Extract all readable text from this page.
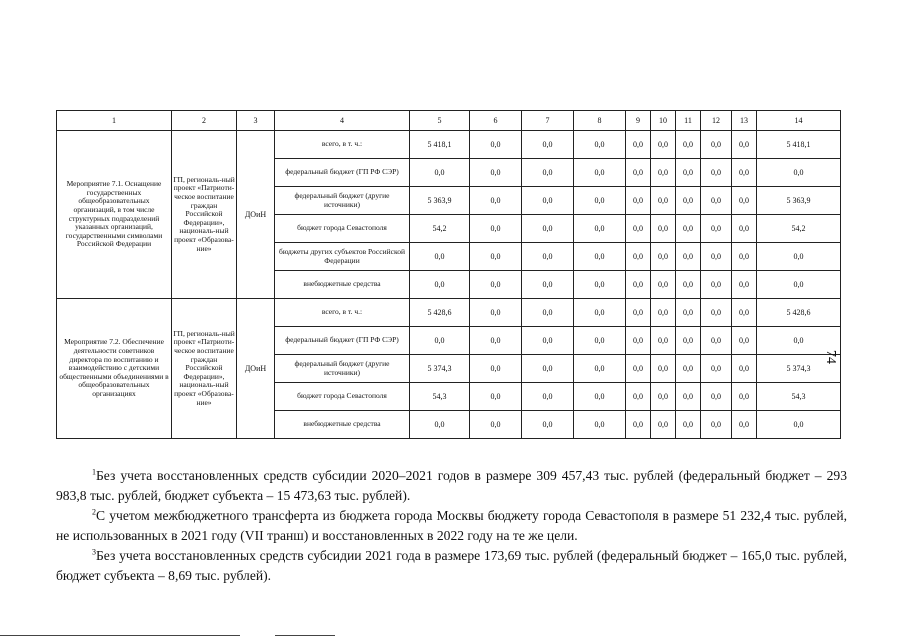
1	2	3	4	5	6	7	8	9	10	11	12	13	14
Мероприятие 7.1. Оснащение государственных общеобразовательных организаций, в том числе структурных подразделений указанных организаций, государственными символами Российской Федерации	ГП, региональ-ный проект «Патриоти-ческое воспитание граждан Российской Федерации», националь-ный проект «Образова-ние»	ДОиН	всего, в т. ч.:	5 418,1	0,0	0,0	0,0	0,0	0,0	0,0	0,0	0,0	5 418,1
			федеральный бюджет (ГП РФ СЭР)	0,0	0,0	0,0	0,0	0,0	0,0	0,0	0,0	0,0	0,0
			федеральный бюджет (другие источники)	5 363,9	0,0	0,0	0,0	0,0	0,0	0,0	0,0	0,0	5 363,9
			бюджет города Севастополя	54,2	0,0	0,0	0,0	0,0	0,0	0,0	0,0	0,0	54,2
			бюджеты других субъектов Российской Федерации	0,0	0,0	0,0	0,0	0,0	0,0	0,0	0,0	0,0	0,0
			внебюджетные средства	0,0	0,0	0,0	0,0	0,0	0,0	0,0	0,0	0,0	0,0
Мероприятие 7.2. Обеспечение деятельности советников директора по воспитанию и взаимодействию с детскими общественными объединениями в общеобразовательных организациях	ГП, региональ-ный проект «Патриоти-ческое воспитание граждан Российской Федерации», националь-ный проект «Образова-ние»	ДОиН	всего, в т. ч.:	5 428,6	0,0	0,0	0,0	0,0	0,0	0,0	0,0	0,0	5 428,6
			федеральный бюджет (ГП РФ СЭР)	0,0	0,0	0,0	0,0	0,0	0,0	0,0	0,0	0,0	0,0
			федеральный бюджет (другие источники)	5 374,3	0,0	0,0	0,0	0,0	0,0	0,0	0,0	0,0	5 374,3
			бюджет города Севастополя	54,3	0,0	0,0	0,0	0,0	0,0	0,0	0,0	0,0	54,3
			внебюджетные средства	0,0	0,0	0,0	0,0	0,0	0,0	0,0	0,0	0,0	0,0
$^1$Без учета восстановленных средств субсидии 2020–2021 годов в размере 309 457,43 тыс. рублей (федеральный бюджет – 293 983,8 тыс. рублей, бюджет субъекта – 15 473,63 тыс. рублей).
$^2$С учетом межбюджетного трансферта из бюджета города Москвы бюджету города Севастополя в размере 51 232,4 тыс. рублей, не использованных в 2021 году (VII транш) и восстановленных в 2022 году на те же цели.
$^3$Без учета восстановленных средств субсидии 2021 года в размере 173,69 тыс. рублей (федеральный бюджет – 165,0 тыс. рублей, бюджет субъекта – 8,69 тыс. рублей).
74
